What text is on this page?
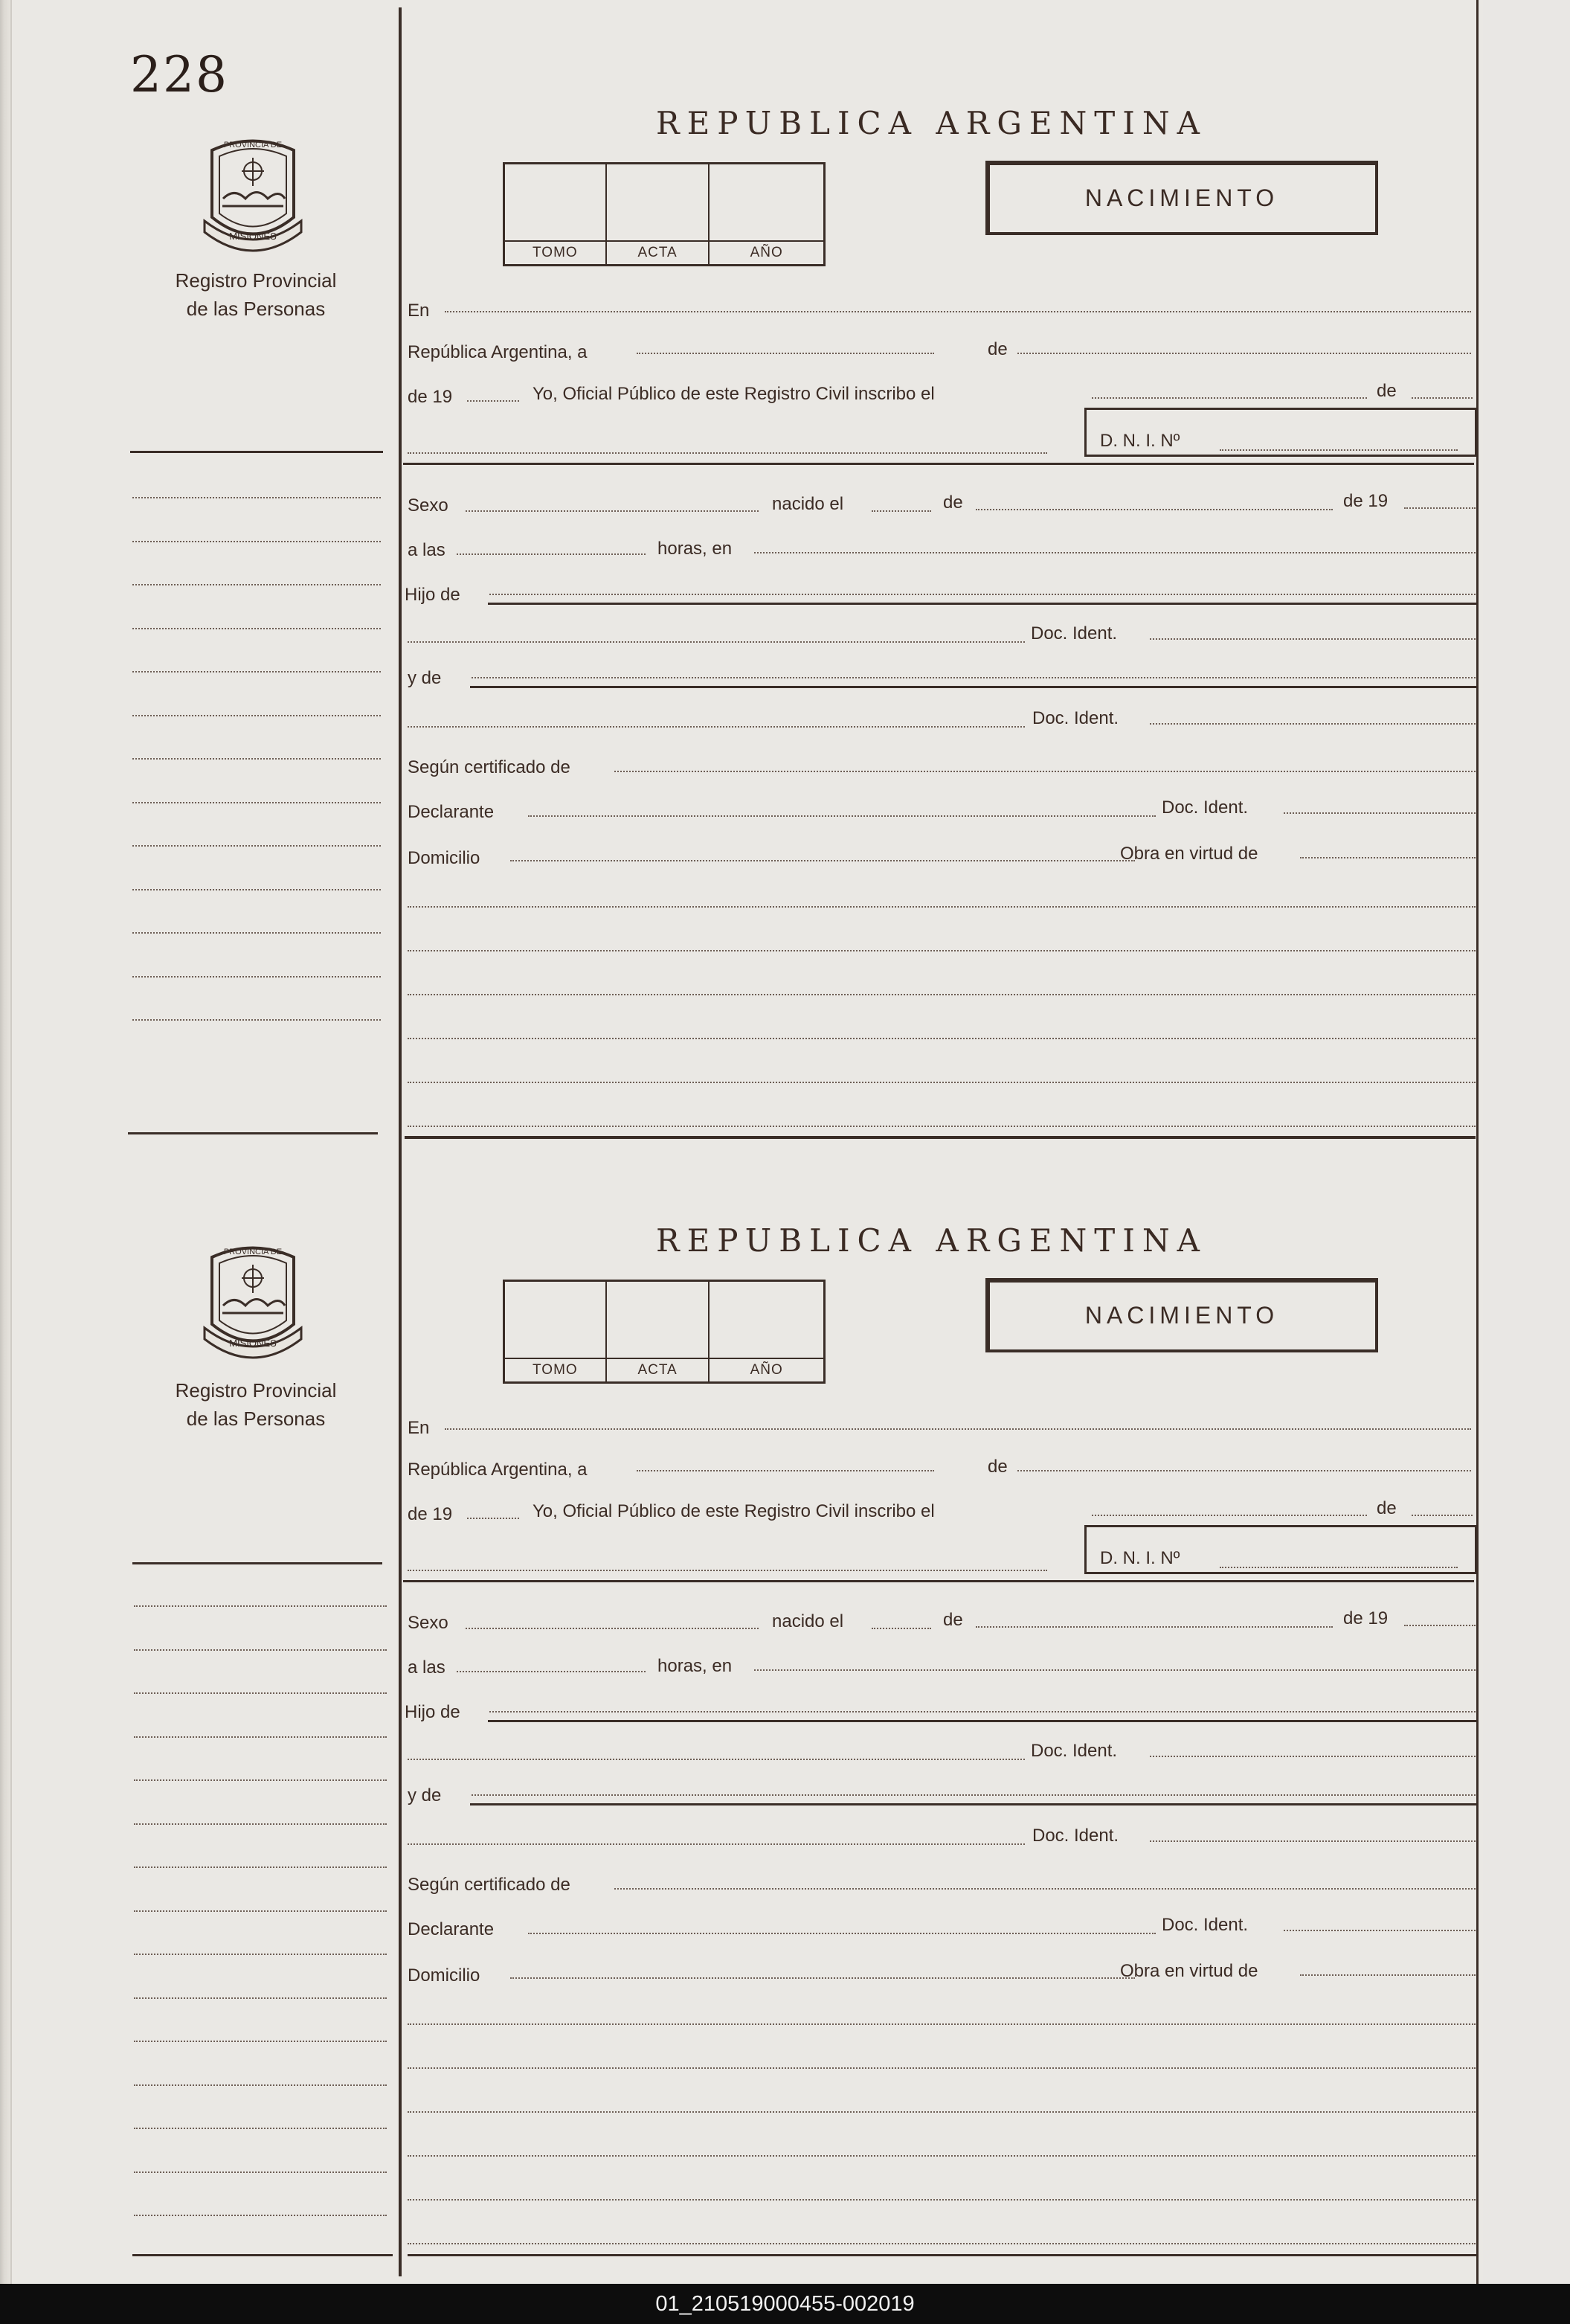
228
01_210519000455-002019
MISIONES
PROVINCIA DE
Registro Provincial
de las Personas
REPUBLICA ARGENTINA
TOMO	ACTA	AÑO
NACIMIENTO
En
República Argentina, a	de
de 19	Yo, Oficial Público de este Registro Civil inscribo el	de
D. N. I. Nº
Sexo	nacido el	de	de 19
a las	horas, en
Hijo de
Doc. Ident.
y de
Doc. Ident.
Según certificado de
Declarante	Doc. Ident.
Domicilio	Obra en virtud de
MISIONES
PROVINCIA DE
Registro Provincial
de las Personas
REPUBLICA ARGENTINA
TOMO	ACTA	AÑO
NACIMIENTO
En
República Argentina, a	de
de 19	Yo, Oficial Público de este Registro Civil inscribo el	de
D. N. I. Nº
Sexo	nacido el	de	de 19
a las	horas, en
Hijo de
Doc. Ident.
y de
Doc. Ident.
Según certificado de
Declarante	Doc. Ident.
Domicilio	Obra en virtud de
